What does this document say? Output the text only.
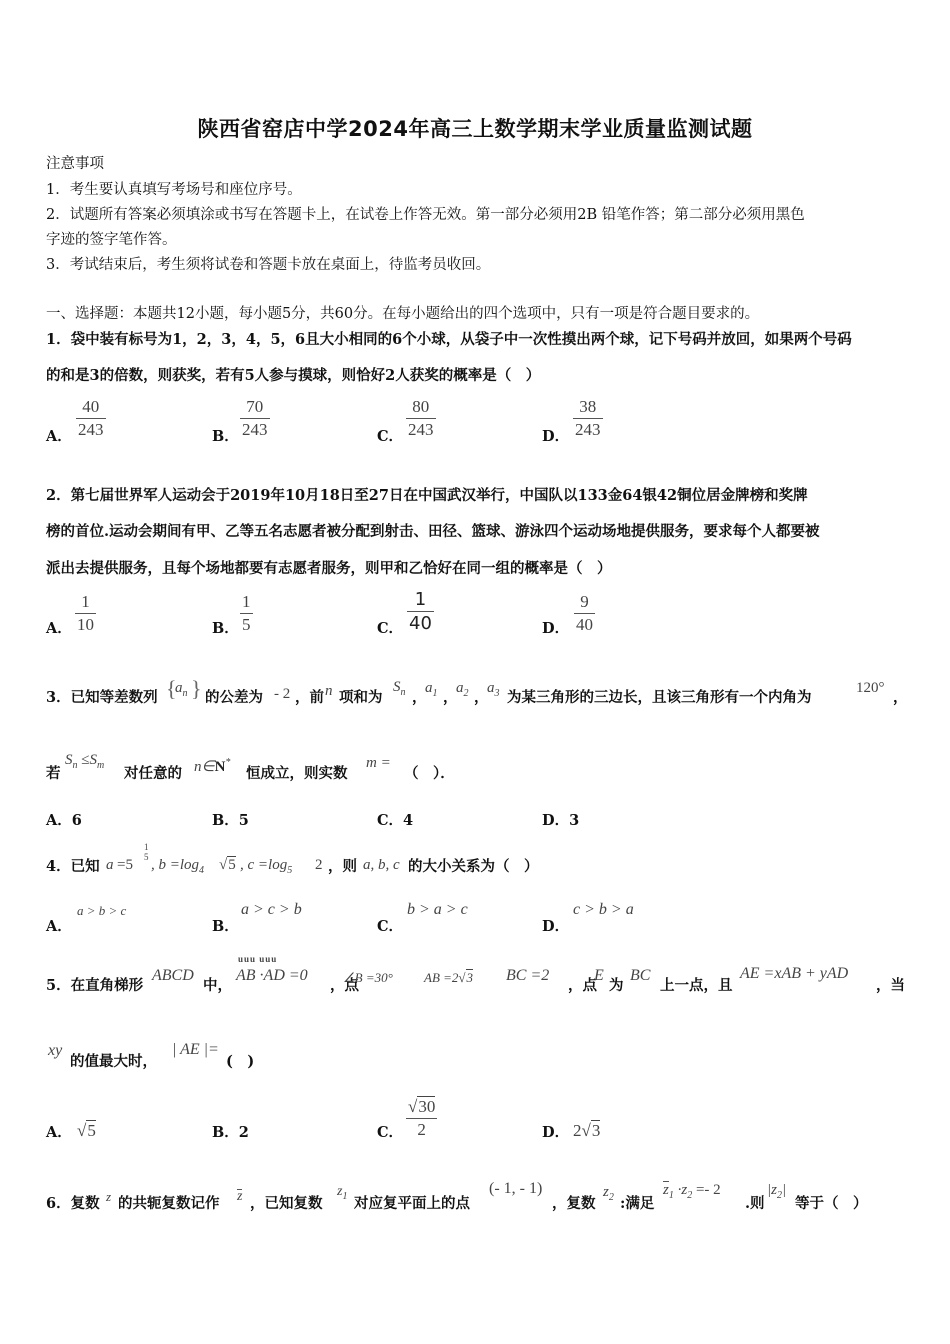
陕西省窑店中学2024年高三上数学期末学业质量监测试题
注意事项
1．考生要认真填写考场号和座位序号。
2．试题所有答案必须填涂或书写在答题卡上，在试卷上作答无效。第一部分必须用2B 铅笔作答；第二部分必须用黑色
字迹的签字笔作答。
3．考试结束后，考生须将试卷和答题卡放在桌面上，待监考员收回。
一、选择题：本题共12小题，每小题5分，共60分。在每小题给出的四个选项中，只有一项是符合题目要求的。
1．袋中装有标号为1，2，3，4，5，6且大小相同的6个小球，从袋子中一次性摸出两个球，记下号码并放回，如果两个号码
的和是3的倍数，则获奖，若有5人参与摸球，则恰好2人获奖的概率是（　）
A．
40
243	B．
70
243	C．
80
243	D．
38
243
2．第七届世界军人运动会于2019年10月18日至27日在中国武汉举行，中国队以133金64银42铜位居金牌榜和奖牌
榜的首位.运动会期间有甲、乙等五名志愿者被分配到射击、田径、篮球、游泳四个运动场地提供服务，要求每个人都要被
派出去提供服务，且每个场地都要有志愿者服务，则甲和乙恰好在同一组的概率是（　）
A．
1
10	B．
1
5	C．
1
40	D．
9
40
3．已知等差数列 {
$a_n$ } 的公差为 - 2 ，前 n 项和为
$S_n$ ，
$a_1$ ，
$a_2$ ，
$a_3$ 为某三角形的三边长，且该三角形有一个内角为
120°
，
若
$S_n \le S_m$ 对任意的 n∈N*
恒成立，则实数
m =
（　）．
A．6	B．5	C．4	D．3
4．已知 a =5
1
5 , $b =\log_4$ √5 , $c =\log_5$ 2 ，则 a, b, c 的大小关系为（　）
A．
a > b > c
B．
a > c > b
C．
b > a > c
D．
c > b > a
5．在直角梯形
ABCD
中，
uuu uuu
AB ·AD =0
，点
∠B =30° AB =2√3 BC =2
，点
E
为
BC
上一点，且
AE =xAB + yAD
，当
xy
的值最大时，
| AE |=
(　)
A． √5	B．2	C．
√30
2	D． 2√3
6．复数 z 的共轭复数记作 z ，已知复数
$z_1$ 对应复平面上的点
(- 1, - 1)
，复数
$z_2$ :满足
$z_1 \cdot z_2 =- 2$
.则
$|z_2|$
等于（　）
